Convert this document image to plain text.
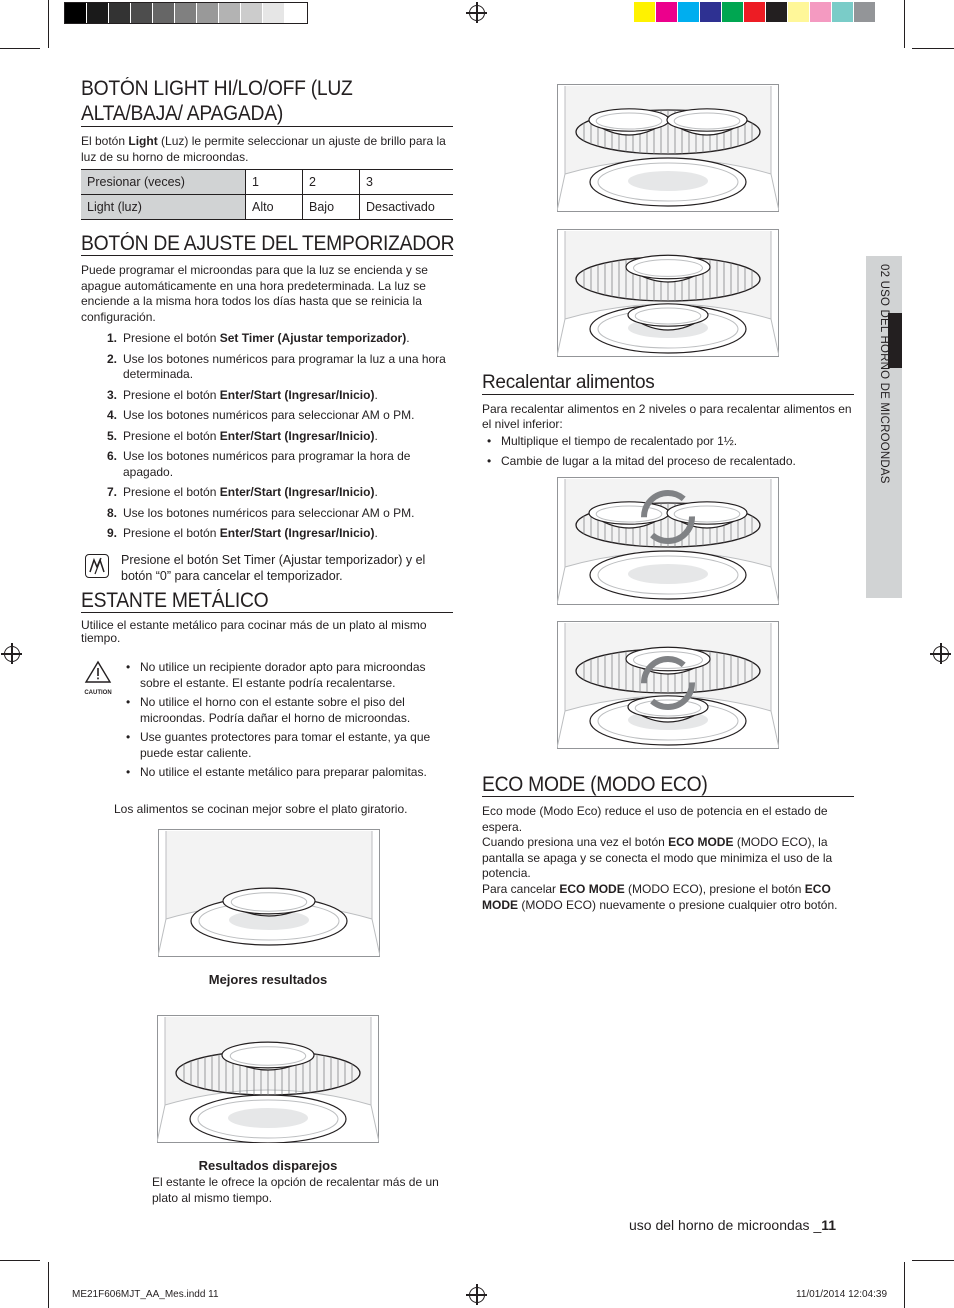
BOTÓN LIGHT HI/LO/OFF (LUZ ALTA/BAJA/ APAGADA)

El botón Light (Luz) le permite seleccionar un ajuste de brillo para la luz de su horno de microondas.

Presionar (veces)	1	2	3
Light (luz)	Alto	Bajo	Desactivado
BOTÓN DE AJUSTE DEL TEMPORIZADOR

Puede programar el microondas para que la luz se encienda y se apague automáticamente en una hora predeterminada. La luz se enciende a la misma hora todos los días hasta que se reinicia la configuración.

1. Presione el botón Set Timer (Ajustar temporizador).
2. Use los botones numéricos para programar la luz a una hora determinada.
3. Presione el botón Enter/Start (Ingresar/Inicio).
4. Use los botones numéricos para seleccionar AM o PM.
5. Presione el botón Enter/Start (Ingresar/Inicio).
6. Use los botones numéricos para programar la hora de apagado.
7. Presione el botón Enter/Start (Ingresar/Inicio).
8. Use los botones numéricos para seleccionar AM o PM.
9. Presione el botón Enter/Start (Ingresar/Inicio).

Presione el botón Set Timer (Ajustar temporizador) y el botón “0” para cancelar el temporizador.

ESTANTE METÁLICO

Utilice el estante metálico para cocinar más de un plato al mismo tiempo.

CAUTION
• No utilice un recipiente dorador apto para microondas sobre el estante. El estante podría recalentarse.
• No utilice el horno con el estante sobre el piso del microondas. Podría dañar el horno de microondas.
• Use guantes protectores para tomar el estante, ya que puede estar caliente.
• No utilice el estante metálico para preparar palomitas.

Los alimentos se cocinan mejor sobre el plato giratorio.

Mejores resultados
Resultados disparejos

El estante le ofrece la opción de recalentar más de un plato al mismo tiempo.

Recalentar alimentos

Para recalentar alimentos en 2 niveles o para recalentar alimentos en el nivel inferior:

• Multiplique el tiempo de recalentado por 1½.
• Cambie de lugar a la mitad del proceso de recalentado.
ECO MODE (MODO ECO)

Eco mode (Modo Eco) reduce el uso de potencia en el estado de espera.

Cuando presiona una vez el botón ECO MODE (MODO ECO), la pantalla se apaga y se conecta el modo que minimiza el uso de la potencia.

Para cancelar ECO MODE (MODO ECO), presione el botón ECO MODE (MODO ECO) nuevamente o presione cualquier otro botón.

02 USO DEL HORNO DE MICROONDAS
uso del horno de microondas _11
ME21F606MJT_AA_Mes.indd 11	11/01/2014 12:04:39
